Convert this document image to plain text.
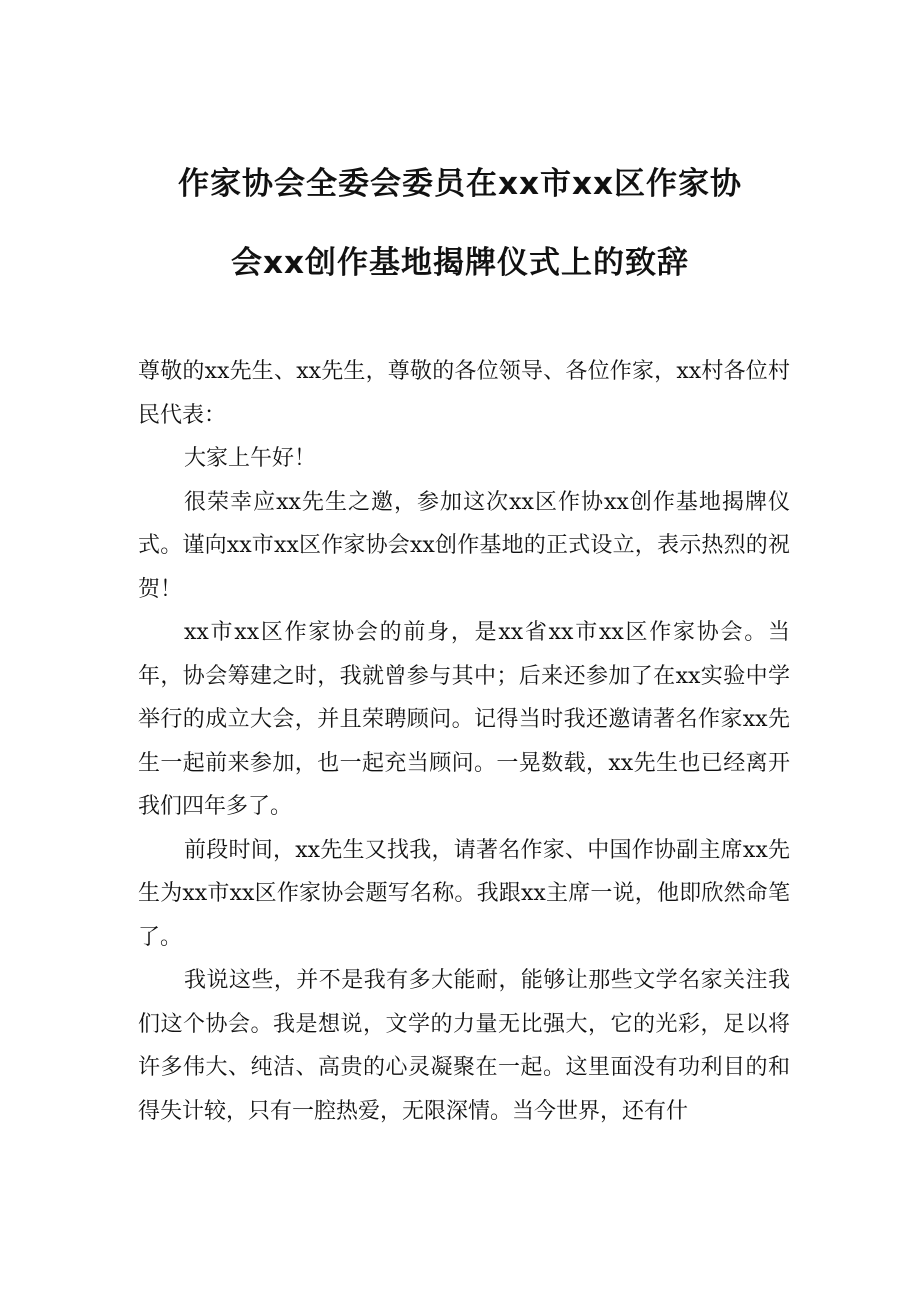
作家协会全委会委员在xx市xx区作家协
会xx创作基地揭牌仪式上的致辞

尊敬的xx先生、xx先生，尊敬的各位领导、各位作家，xx村各位村民代表：

大家上午好！

很荣幸应xx先生之邀，参加这次xx区作协xx创作基地揭牌仪式。谨向xx市xx区作家协会xx创作基地的正式设立，表示热烈的祝贺！

xx市xx区作家协会的前身，是xx省xx市xx区作家协会。当年，协会筹建之时，我就曾参与其中；后来还参加了在xx实验中学举行的成立大会，并且荣聘顾问。记得当时我还邀请著名作家xx先生一起前来参加，也一起充当顾问。一晃数载，xx先生也已经离开我们四年多了。

前段时间，xx先生又找我，请著名作家、中国作协副主席xx先生为xx市xx区作家协会题写名称。我跟xx主席一说，他即欣然命笔了。

我说这些，并不是我有多大能耐，能够让那些文学名家关注我们这个协会。我是想说，文学的力量无比强大，它的光彩，足以将许多伟大、纯洁、高贵的心灵凝聚在一起。这里面没有功利目的和得失计较，只有一腔热爱，无限深情。当今世界，还有什
